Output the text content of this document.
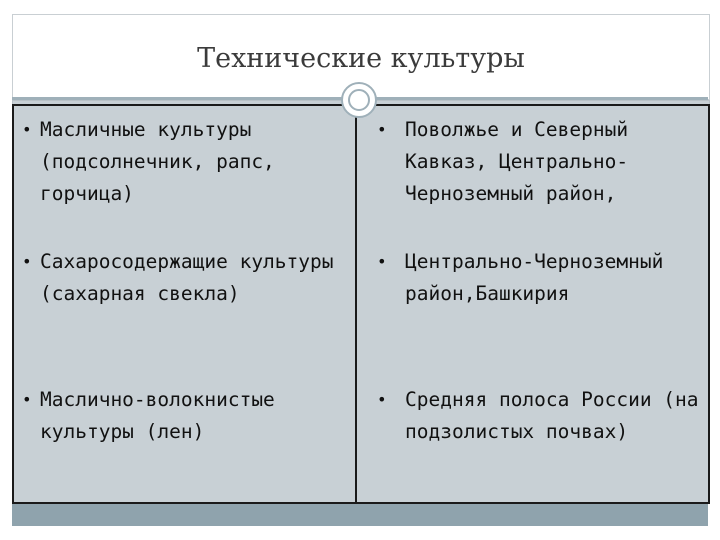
Технические культуры
• Масличные культуры (подсолнечник, рапс, горчица)	• Поволжье и Северный Кавказ, Центрально-Черноземный район,

• Сахаросодержащие культуры (сахарная свекла)	• Центрально-Черноземный район,Башкирия

• Маслично-волокнистые культуры (лен)	• Средняя полоса России (на подзолистых почвах)
